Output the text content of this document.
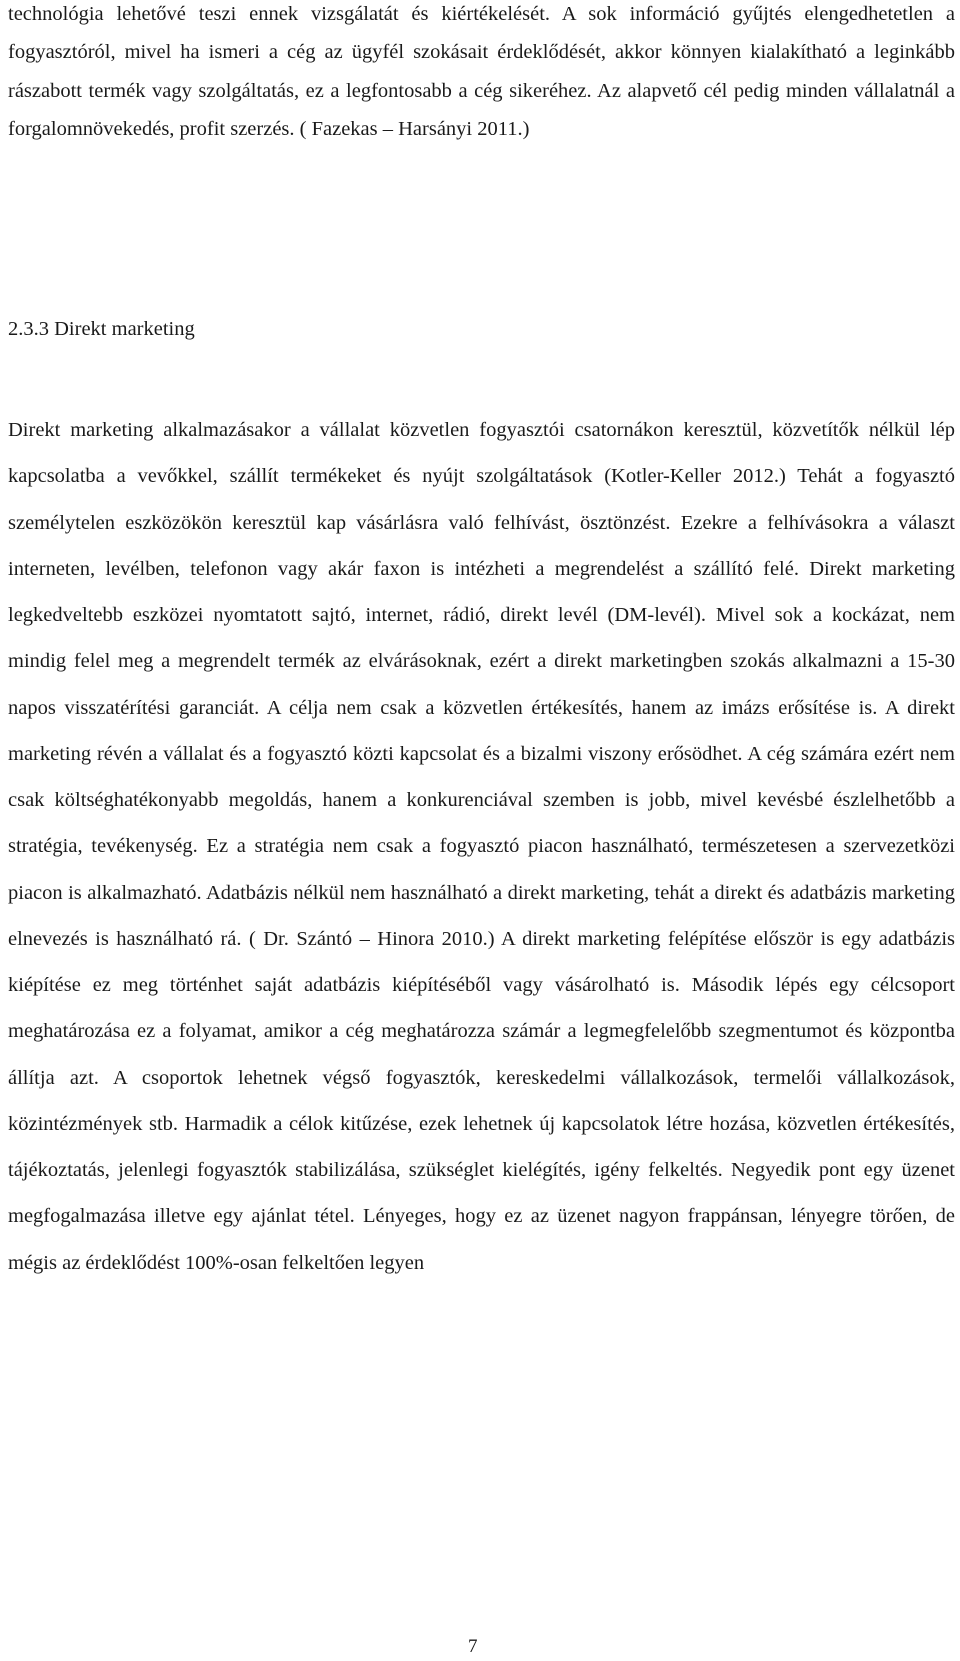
technológia lehetővé teszi ennek vizsgálatát és kiértékelését. A sok információ gyűjtés elengedhetetlen a fogyasztóról, mivel ha ismeri a cég az ügyfél szokásait érdeklődését, akkor könnyen kialakítható a leginkább rászabott termék vagy szolgáltatás, ez a legfontosabb a cég sikeréhez. Az alapvető cél pedig minden vállalatnál a forgalomnövekedés, profit szerzés. ( Fazekas – Harsányi 2011.)

2.3.3 Direkt marketing

Direkt marketing alkalmazásakor a vállalat közvetlen fogyasztói csatornákon keresztül, közvetítők nélkül lép kapcsolatba a vevőkkel, szállít termékeket és nyújt szolgáltatások (Kotler-Keller 2012.) Tehát a fogyasztó személytelen eszközökön keresztül kap vásárlásra való felhívást, ösztönzést. Ezekre a felhívásokra a választ interneten, levélben, telefonon vagy akár faxon is intézheti a megrendelést a szállító felé. Direkt marketing legkedveltebb eszközei nyomtatott sajtó, internet, rádió, direkt levél (DM-levél). Mivel sok a kockázat, nem mindig felel meg a megrendelt termék az elvárásoknak, ezért a direkt marketingben szokás alkalmazni a 15-30 napos visszatérítési garanciát. A célja nem csak a közvetlen értékesítés, hanem az imázs erősítése is. A direkt marketing révén a vállalat és a fogyasztó közti kapcsolat és a bizalmi viszony erősödhet. A cég számára ezért nem csak költséghatékonyabb megoldás, hanem a konkurenciával szemben is jobb, mivel kevésbé észlelhetőbb a stratégia, tevékenység. Ez a stratégia nem csak a fogyasztó piacon használható, természetesen a szervezetközi piacon is alkalmazható. Adatbázis nélkül nem használható a direkt marketing, tehát a direkt és adatbázis marketing elnevezés is használható rá. ( Dr. Szántó – Hinora 2010.) A direkt marketing felépítése először is egy adatbázis kiépítése ez meg történhet saját adatbázis kiépítéséből vagy vásárolható is. Második lépés egy célcsoport meghatározása ez a folyamat, amikor a cég meghatározza számár a legmegfelelőbb szegmentumot és központba állítja azt. A csoportok lehetnek végső fogyasztók, kereskedelmi vállalkozások, termelői vállalkozások, közintézmények stb. Harmadik a célok kitűzése, ezek lehetnek új kapcsolatok létre hozása, közvetlen értékesítés, tájékoztatás, jelenlegi fogyasztók stabilizálása, szükséglet kielégítés, igény felkeltés. Negyedik pont egy üzenet megfogalmazása illetve egy ajánlat tétel. Lényeges, hogy ez az üzenet nagyon frappánsan, lényegre törően, de mégis az érdeklődést 100%-osan felkeltően legyen

7
